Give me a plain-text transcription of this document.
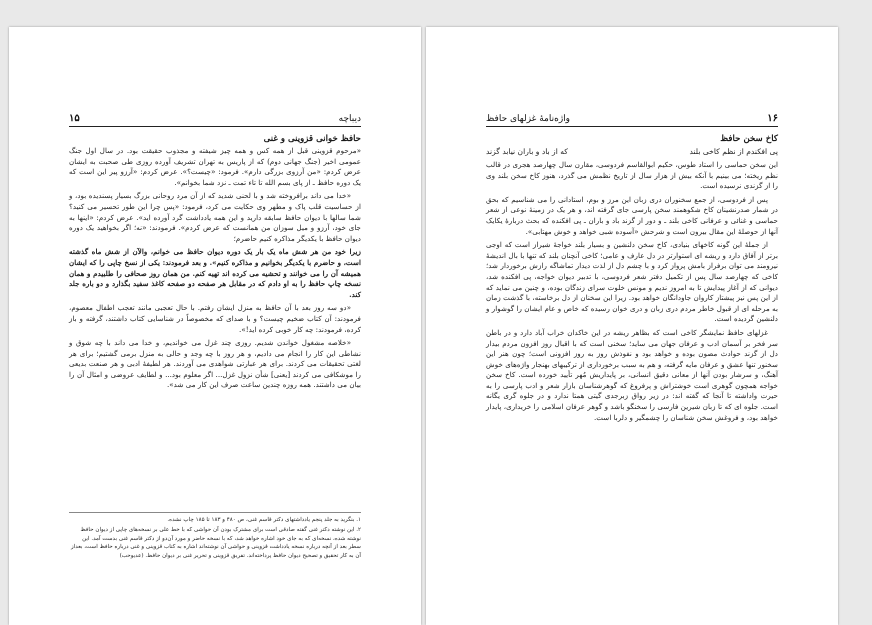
۱۵	دیباچه
حافظ خوانی قزوینی و غنی

«مرحوم قزوینی قبل از همه کس و همه چیز شیفته و مجذوب حقیقت بود. در سال اول جنگ عمومی اخیر (جنگ جهانی دوم) که از پاریس به تهران تشریف آورده روزی طی صحبت به ایشان عرض کردم: «من آرزوی بزرگی دارم». فرمود: «چیست؟». عرض کردم: «آرزو پیر این است که یک دوره حافظ ـ از پای بسم الله تا تاء تمت ـ نزد شما بخوانم».

«خدا می داند برافروخته شد و با لحنی شدید که از آن مرد روحانی بزرگ بسیار پسندیده بود، و از حساسیت قلب پاک و مطهر وی حکایت می کرد، فرمود: «پس چرا این طور تحسیر می کنید؟ شما سالها با دیوان حافظ سابقه دارید و این همه یادداشت گرد آورده اید». عرض کردم: «اینها به جای خود، آرزو و میل سوزان من همانست که عرض کردم». فرمودند: «نه؛ اگر بخواهید یک دوره دیوان حافظ با یکدیگر مذاکره کنیم حاضرم؛

زیرا خود من هر شش ماه یک بار یک دوره دیوان حافظ می خوانم، والآن از شش ماه گذشته است، و حاضرم با یکدیگر بخوانیم و مذاکره کنیم». و بعد فرمودند: یکی از نسخ چاپی را که ایشان همیشه آن را می خوانند و تحشیه می کرده اند تهیه کنم. من همان روز صحافی را طلبیدم و همان نسخه چاپ حافظ را به او دادم که در مقابل هر صفحه دو صفحه کاغذ سفید بگذارد و دو باره جلد کند.

«دو سه روز بعد با آن حافظ به منزل ایشان رفتم. با حال تعجبی مانند تعجب اطفال معصوم، فرمودند: آن کتاب ضخیم چیست؟ و با صدای که مخصوصاً در شناسایی کتاب داشتند، گرفته و باز کرده، فرمودند: چه کار خوبی کرده اید!».

«خلاصه مشغول خواندن شدیم. روزی چند غزل می خواندیم، و خدا می داند با چه شوق و نشاطی این کار را انجام می دادیم، و هر روز با چه وجد و حالی به منزل برمی گشتیم؛ برای هر لغتی تحقیقات می کردند. برای هر عبارتی شواهدی می آوردند. هر لطیفهٔ ادبی و هر صنعت بدیعی را موشکافی می کردند [یعنی] شأن نزول غزل... اگر معلوم بود... و لطایف عروضی و امثال آن را بیان می داشتند. همه روزه چندین ساعت صرف این کار می شد».

۱. بنگرید به جلد پنجم یادداشتهای دکتر قاسم غنی، ص ۴۸۰ و ۱۸۳ تا ۱۸۵ چاپ نشده.

۲. این نوشته دکتر غنی گفته صادقی است برای مشترک بودن آن حواشی که با خط علی بر نسخه‌های چاپی از دیوان حافظ نوشته شده، نسخه‌ای که به جای خود اشاره خواهد شد، که با نسخه حاضر و مورد آن‌دو از دکتر قاسم غنی بدست آمد. این سطر بعد از آنچه درباره نسخه یادداشت قزوینی و حواشی آن نوشته‌اند اشاره به کتاب قزوینی و غنی درباره حافظ است، بعداز آن به کار تحقیق و تصحیح دیوان حافظ پرداخته‌اند. تفریق قزوینی و تحریر غنی بر دیوان حافظ. (عدیوحب)

۱۶
واژه‌نامهٔ غزلهای حافظ
کاخ سخن حافظ
پی افکندم از نظم کاخی بلند
که از باد و باران نیابد گزند

این سخن حماسی را استاد طوس، حکیم ابوالقاسم فردوسی، مقارن سال چهارصد هجری در قالب نظم ریخته؛ می بینیم با آنکه بیش از هزار سال از تاریخ نظمش می گذرد، هنوز کاخ سخن بلند وی را از گزندی نرسیده است.

پس از فردوسی، از جمع سخنوران دری زبان این مرز و بوم، استادانی را می شناسیم که بحق در شمار صدرنشینان کاخ شکوهمند سخن پارسی جای گرفته اند، و هر یک در زمینهٔ نوعی از شعر حماسی و غنائی و عرفانی کاخی بلند ـ و دور از گزند باد و باران ـ پی افکنده که بحث دربارهٔ یکایک آنها از حوصلهٔ این مقال بیرون است و شرحش «آسوده شبی خواهد و خوش مهتابی».

از جملهٔ این گونه کاخهای بنیادی، کاخ سخن دلنشین و بسیار بلند خواجهٔ شیراز است که اوجی برتر از آفاق دارد و ریشه ای استوارتر در دل عارف و عامی؛ کاخی آنچنان بلند که تنها با بال اندیشهٔ نیرومند می توان برفراز بامش پرواز کرد و با چشم دل از لذت دیدار تماشاگه رازش برخوردار شد؛ کاخی که چهارصد سال پس از تکمیل دفتر شعر فردوسی، با تدبیر دیوان خواجه، پی افکنده شد، دیوانی که از آغاز پیدایش تا به امروز ندیم و مونس خلوت سرای زندگان بوده، و چنین می نماید که از این پس نیز پیشتاز کاروان جاودانگان خواهد بود. زیرا این سخنان از دل برخاسته، با گذشت زمان به مرحله ای از قبول خاطر مردم دری زبان و دری خوان رسیده که خاص و عام ایشان را گوشوار و دلنشین گردیده است.

غزلهای حافظ نمایشگر کاخی است که بظاهر ریشه در این خاکدان خراب آباد دارد و در باطن سر فخر بر آسمان ادب و عرفان جهان می ساید؛ سخنی است که با اقبال روز افزون مردم بیدار دل از گزند حوادث مصون بوده و خواهد بود و نفوذش روز به روز افزونی است؛ چون هنر این سخنور تنها عشق و عرفان مایه گرفته، و هم به سبب برخورداری از ترکیبهای بهنجار واژه‌های خوش آهنگ، و سرشار بودن آنها از معانی دقیق انسانی، بر پایداریش مُهر تأیید خورده است. کاخ سخن خواجه همچون گوهری است خوشتراش و پرفروغ که گوهرشناسان بازار شعر و ادب پارسی را به حیرت واداشته تا آنجا که گفته اند: در زیر رواق زبرجدی گیتی همتا ندارد و در جلوه گری یگانه است. جلوه ای که تا زبان شیرین فارسی را سخنگو باشد و گوهر عرفان اسلامی را خریداری، پایدار خواهد بود، و فروغش سخن شناسان را چشمگیر و دلربا است.
